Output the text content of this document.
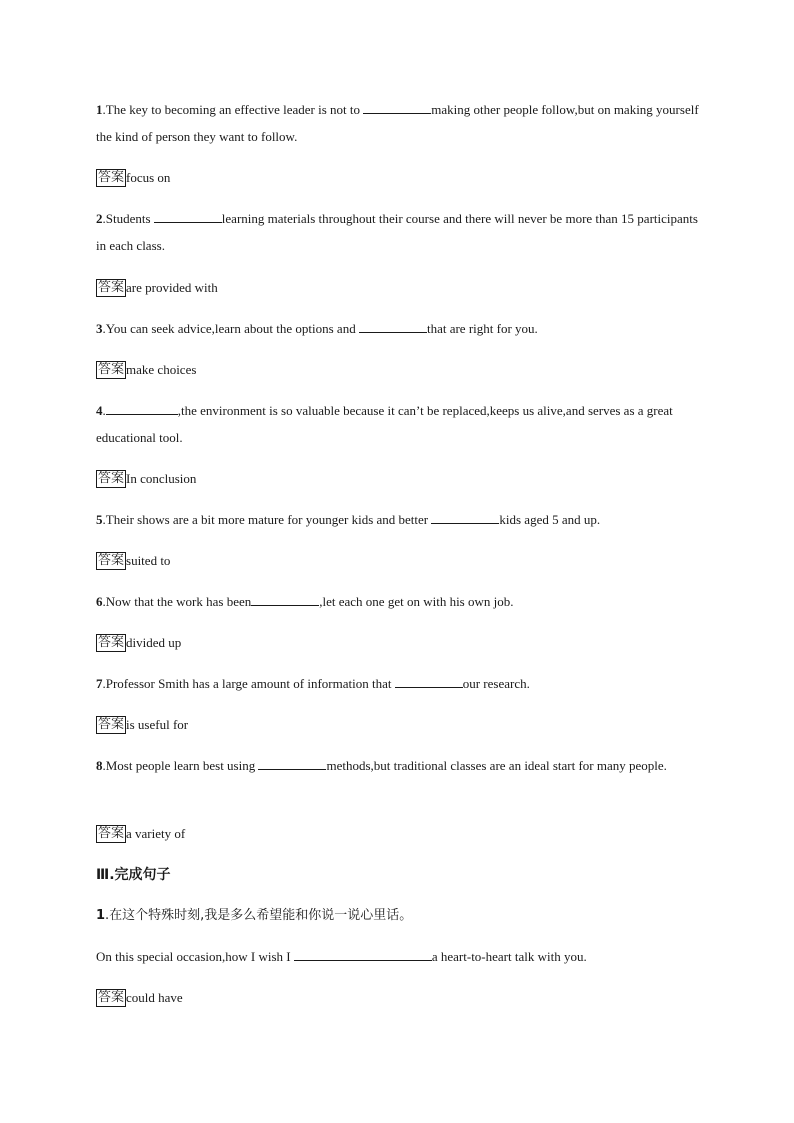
1.The key to becoming an effective leader is not to	making other people follow,but on making yourself the kind of person they want to follow.
答案 focus on
2.Students	learning materials throughout their course and there will never be more than 15 participants in each class.
答案 are provided with
3.You can seek advice,learn about the options and	that are right for you.
答案 make choices
4.	,the environment is so valuable because it can’t be replaced,keeps us alive,and serves as a great educational tool.
答案 In conclusion
5.Their shows are a bit more mature for younger kids and better	kids aged 5 and up.
答案 suited to
6.Now that the work has been	,let each one get on with his own job.
答案 divided up
7.Professor Smith has a large amount of information that	our research.
答案 is useful for
8.Most people learn best using	methods,but traditional classes are an ideal start for many people.
答案 a variety of
Ⅲ.完成句子
1.在这个特殊时刻,我是多么希望能和你说一说心里话。
On this special occasion,how I wish I	a heart-to-heart talk with you.
答案 could have
